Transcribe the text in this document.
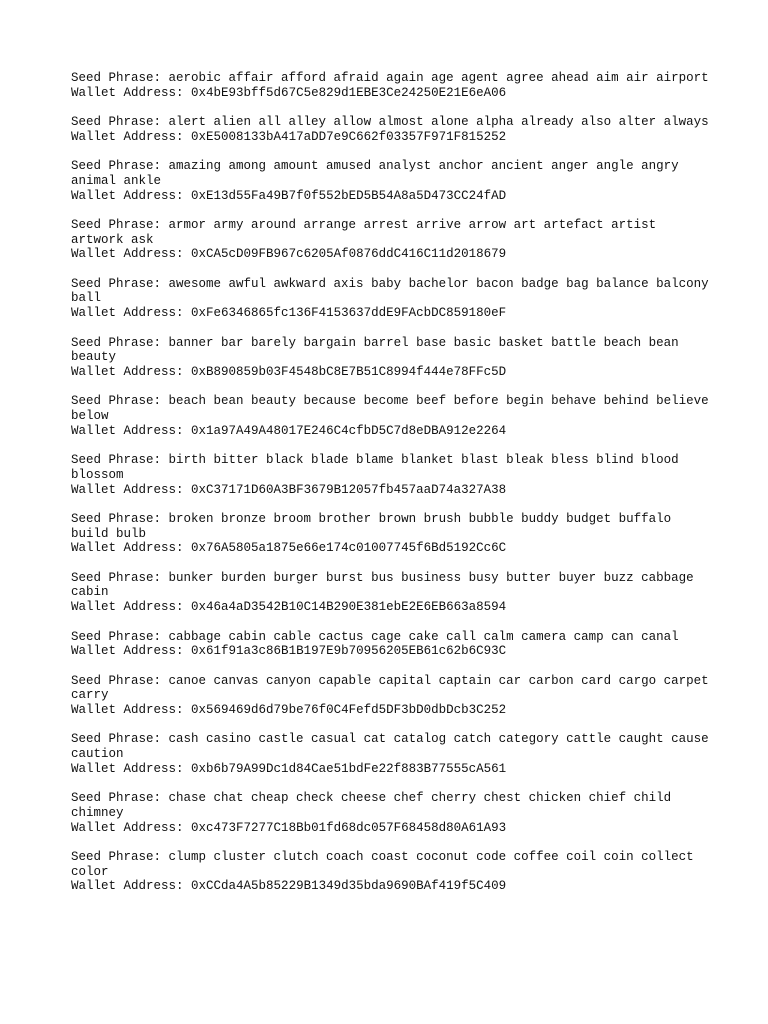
Seed Phrase: aerobic affair afford afraid again age agent agree ahead aim air airport
Wallet Address: 0x4bE93bff5d67C5e829d1EBE3Ce24250E21E6eA06
Seed Phrase: alert alien all alley allow almost alone alpha already also alter always
Wallet Address: 0xE5008133bA417aDD7e9C662f03357F971F815252
Seed Phrase: amazing among amount amused analyst anchor ancient anger angle angry animal ankle
Wallet Address: 0xE13d55Fa49B7f0f552bED5B54A8a5D473CC24fAD
Seed Phrase: armor army around arrange arrest arrive arrow art artefact artist artwork ask
Wallet Address: 0xCA5cD09FB967c6205Af0876ddC416C11d2018679
Seed Phrase: awesome awful awkward axis baby bachelor bacon badge bag balance balcony ball
Wallet Address: 0xFe6346865fc136F4153637ddE9FAcbDC859180eF
Seed Phrase: banner bar barely bargain barrel base basic basket battle beach bean beauty
Wallet Address: 0xB890859b03F4548bC8E7B51C8994f444e78FFc5D
Seed Phrase: beach bean beauty because become beef before begin behave behind believe below
Wallet Address: 0x1a97A49A48017E246C4cfbD5C7d8eDBA912e2264
Seed Phrase: birth bitter black blade blame blanket blast bleak bless blind blood blossom
Wallet Address: 0xC37171D60A3BF3679B12057fb457aaD74a327A38
Seed Phrase: broken bronze broom brother brown brush bubble buddy budget buffalo build bulb
Wallet Address: 0x76A5805a1875e66e174c01007745f6Bd5192Cc6C
Seed Phrase: bunker burden burger burst bus business busy butter buyer buzz cabbage cabin
Wallet Address: 0x46a4aD3542B10C14B290E381ebE2E6EB663a8594
Seed Phrase: cabbage cabin cable cactus cage cake call calm camera camp can canal
Wallet Address: 0x61f91a3c86B1B197E9b70956205EB61c62b6C93C
Seed Phrase: canoe canvas canyon capable capital captain car carbon card cargo carpet carry
Wallet Address: 0x569469d6d79be76f0C4Fefd5DF3bD0dbDcb3C252
Seed Phrase: cash casino castle casual cat catalog catch category cattle caught cause caution
Wallet Address: 0xb6b79A99Dc1d84Cae51bdFe22f883B77555cA561
Seed Phrase: chase chat cheap check cheese chef cherry chest chicken chief child chimney
Wallet Address: 0xc473F7277C18Bb01fd68dc057F68458d80A61A93
Seed Phrase: clump cluster clutch coach coast coconut code coffee coil coin collect color
Wallet Address: 0xCCda4A5b85229B1349d35bda9690BAf419f5C409
